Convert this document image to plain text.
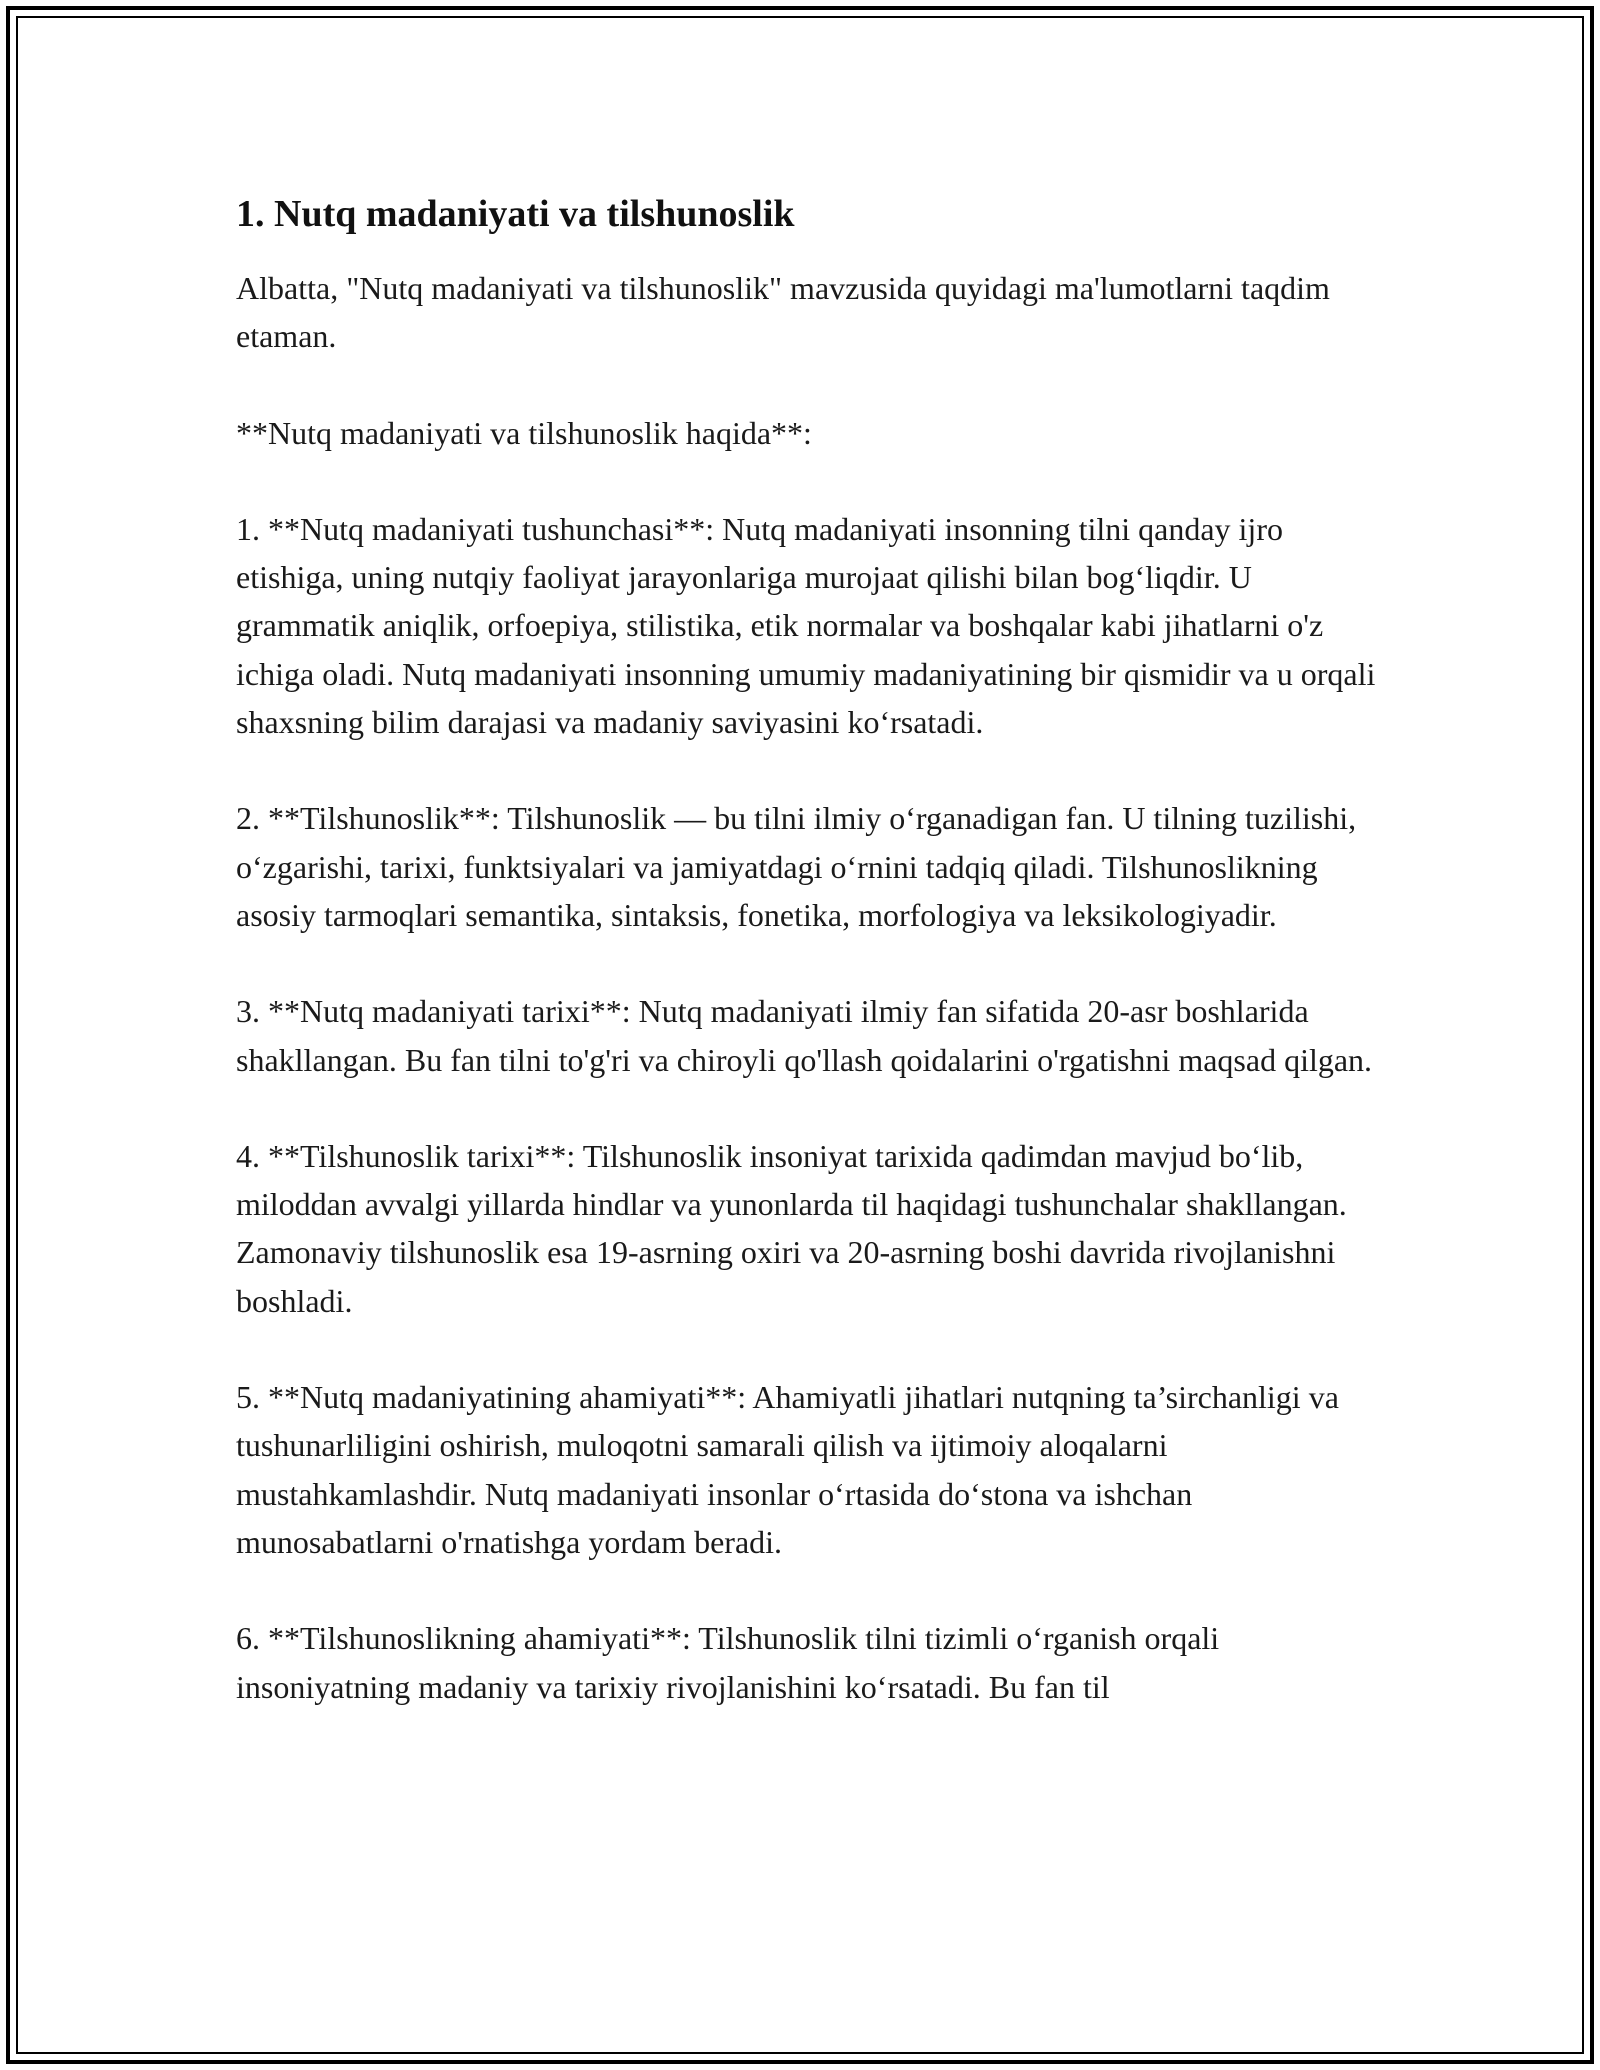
1. Nutq madaniyati va tilshunoslik

Albatta, "Nutq madaniyati va tilshunoslik" mavzusida quyidagi ma'lumotlarni taqdim etaman.

**Nutq madaniyati va tilshunoslik haqida**:

1. **Nutq madaniyati tushunchasi**: Nutq madaniyati insonning tilni qanday ijro etishiga, uning nutqiy faoliyat jarayonlariga murojaat qilishi bilan bog‘liqdir. U grammatik aniqlik, orfoepiya, stilistika, etik normalar va boshqalar kabi jihatlarni o'z ichiga oladi. Nutq madaniyati insonning umumiy madaniyatining bir qismidir va u orqali shaxsning bilim darajasi va madaniy saviyasini ko‘rsatadi.

2. **Tilshunoslik**: Tilshunoslik — bu tilni ilmiy o‘rganadigan fan. U tilning tuzilishi, o‘zgarishi, tarixi, funktsiyalari va jamiyatdagi o‘rnini tadqiq qiladi. Tilshunoslikning asosiy tarmoqlari semantika, sintaksis, fonetika, morfologiya va leksikologiyadir.

3. **Nutq madaniyati tarixi**: Nutq madaniyati ilmiy fan sifatida 20-asr boshlarida shakllangan. Bu fan tilni to'g'ri va chiroyli qo'llash qoidalarini o'rgatishni maqsad qilgan.

4. **Tilshunoslik tarixi**: Tilshunoslik insoniyat tarixida qadimdan mavjud bo‘lib, miloddan avvalgi yillarda hindlar va yunonlarda til haqidagi tushunchalar shakllangan. Zamonaviy tilshunoslik esa 19-asrning oxiri va 20-asrning boshi davrida rivojlanishni boshladi.

5. **Nutq madaniyatining ahamiyati**: Ahamiyatli jihatlari nutqning ta’sirchanligi va tushunarliligini oshirish, muloqotni samarali qilish va ijtimoiy aloqalarni mustahkamlashdir. Nutq madaniyati insonlar o‘rtasida do‘stona va ishchan munosabatlarni o'rnatishga yordam beradi.

6. **Tilshunoslikning ahamiyati**: Tilshunoslik tilni tizimli o‘rganish orqali insoniyatning madaniy va tarixiy rivojlanishini ko‘rsatadi. Bu fan til
